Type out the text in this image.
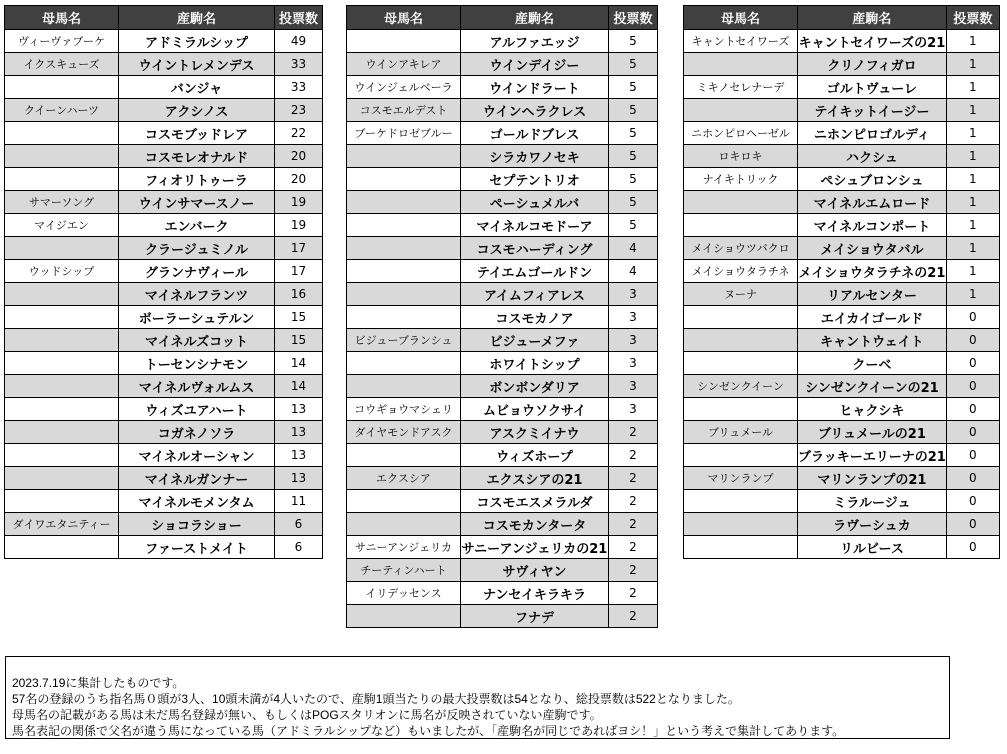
母馬名	産駒名	投票数
ヴィーヴァブーケ	アドミラルシップ	49
イクスキューズ	ウイントレメンデス	33
	バンジャ	33
クイーンハーツ	アクシノス	23
	コスモブッドレア	22
	コスモレオナルド	20
	フィオリトゥーラ	20
サマーソング	ウインサマースノー	19
マイジエン	エンバーク	19
	クラージュミノル	17
ウッドシップ	グランナヴィール	17
	マイネルフランツ	16
	ボーラーシュテルン	15
	マイネルズコット	15
	トーセンシナモン	14
	マイネルヴォルムス	14
	ウィズユアハート	13
	コガネノソラ	13
	マイネルオーシャン	13
	マイネルガンナー	13
	マイネルモメンタム	11
ダイワエタニティー	ショコラショー	6
	ファーストメイト	6
母馬名	産駒名	投票数
	アルファエッジ	5
ウインアキレア	ウインデイジー	5
ウインジェルベーラ	ウインドラート	5
コスモエルデスト	ウインヘラクレス	5
ブーケドロゼブルー	ゴールドブレス	5
	シラカワノセキ	5
	セプテントリオ	5
	ペーシュメルバ	5
	マイネルコモドーア	5
	コスモハーディング	4
	テイエムゴールドン	4
	アイムフィアレス	3
	コスモカノア	3
ビジューブランシュ	ビジューメファ	3
	ホワイトシップ	3
	ボンボンダリア	3
コウギョウマシェリ	ムビョウソクサイ	3
ダイヤモンドアスク	アスクミイナウ	2
	ウィズホープ	2
エクスシア	エクスシアの21	2
	コスモエスメラルダ	2
	コスモカンタータ	2
サニーアンジェリカ	サニーアンジェリカの21	2
チーティンハート	サヴィヤン	2
イリデッセンス	ナンセイキラキラ	2
	フナデ	2
母馬名	産駒名	投票数
キャントセイワーズ	キャントセイワーズの21	1
	クリノフィガロ	1
ミキノセレナーデ	ゴルトヴューレ	1
	テイキットイージー	1
ニホンピロヘーゼル	ニホンピロゴルディ	1
ロキロキ	ハクシュ	1
ナイキトリック	ペシュブロンシュ	1
	マイネルエムロード	1
	マイネルコンポート	1
メイショウツバクロ	メイショウタバル	1
メイショウタラチネ	メイショウタラチネの21	1
ヌーナ	リアルセンター	1
	エイカイゴールド	0
	キャントウェイト	0
	クーベ	0
シンゼンクイーン	シンゼンクイーンの21	0
	ヒャクシキ	0
ブリュメール	ブリュメールの21	0
	ブラッキーエリーナの21	0
マリンランプ	マリンランプの21	0
	ミラルージュ	0
	ラヴーシュカ	0
	リルビース	0
2023.7.19に集計したものです。
57名の登録のうち指名馬０頭が3人、10頭未満が4人いたので、産駒1頭当たりの最大投票数は54となり、総投票数は522となりました。
母馬名の記載がある馬は未だ馬名登録が無い、もしくはPOGスタリオンに馬名が反映されていない産駒です。
馬名表記の関係で父名が違う馬になっている馬（アドミラルシップなど）もいましたが、「産駒名が同じであればヨシ！」という考えで集計してあります。
